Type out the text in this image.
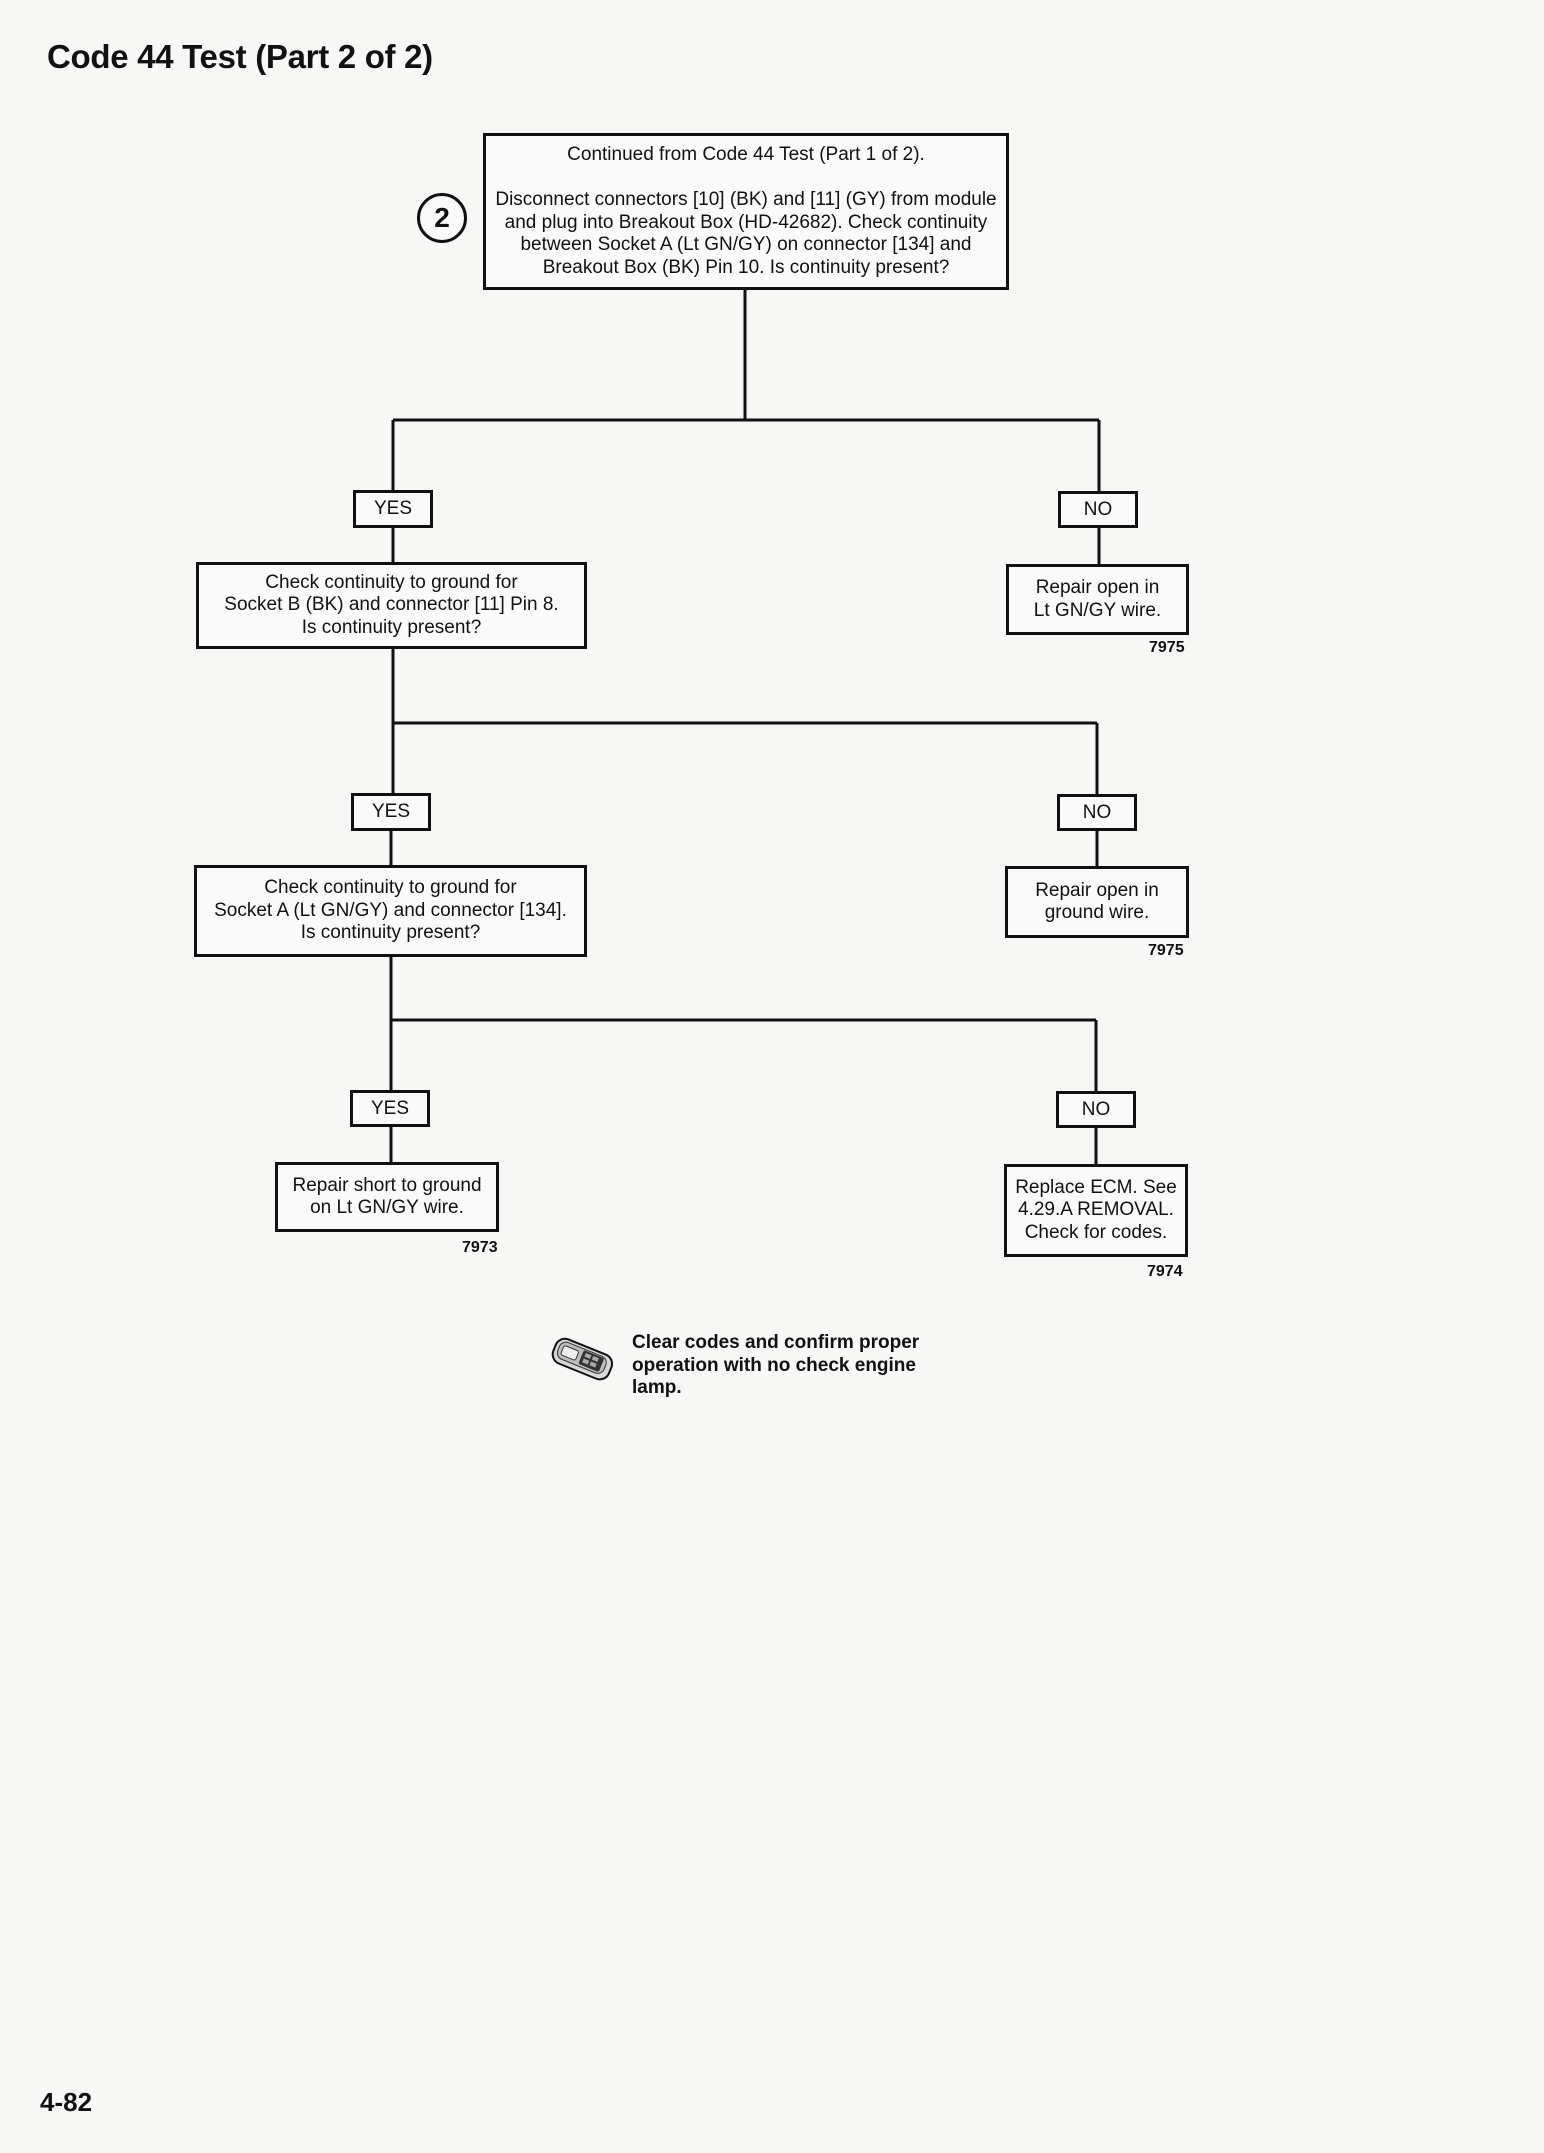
Code 44 Test (Part 2 of 2)
2
Continued from Code 44 Test (Part 1 of 2).

Disconnect connectors [10] (BK) and [11] (GY) from module
and plug into Breakout Box (HD-42682). Check continuity
between Socket A (Lt GN/GY) on connector [134] and
Breakout Box (BK) Pin 10. Is continuity present?
YES	NO
Check continuity to ground for
Socket B (BK) and connector [11] Pin 8.
Is continuity present?
Repair open in
Lt GN/GY wire.
7975
YES	NO
Check continuity to ground for
Socket A (Lt GN/GY) and connector [134].
Is continuity present?
Repair open in
ground wire.
7975
YES	NO
Repair short to ground
on Lt GN/GY wire.
7973
Replace ECM. See
4.29.A REMOVAL.
Check for codes.
7974
Clear codes and confirm proper
operation with no check engine
lamp.
4-82
